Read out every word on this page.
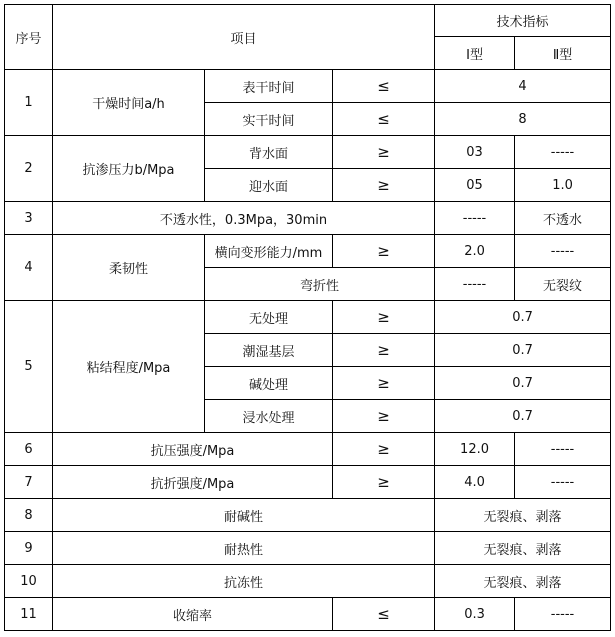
序号	项目			技术指标	
				Ⅰ型	Ⅱ型
1	干燥时间a/h	表干时间	≤	4	
		实干时间	≤	8	
2	抗渗压力b/Mpa	背水面	≥	03	-----
		迎水面	≥	05	1.0
3	不透水性，0.3Mpa，30min			-----	不透水
4	柔韧性	横向变形能力/mm	≥	2.0	-----
		弯折性		-----	无裂纹
5	粘结程度/Mpa	无处理	≥	0.7	
		潮湿基层	≥	0.7	
		碱处理	≥	0.7	
		浸水处理	≥	0.7	
6	抗压强度/Mpa		≥	12.0	-----
7	抗折强度/Mpa		≥	4.0	-----
8	耐碱性			无裂痕、剥落	
9	耐热性			无裂痕、剥落	
10	抗冻性			无裂痕、剥落	
11	收缩率		≤	0.3	-----
